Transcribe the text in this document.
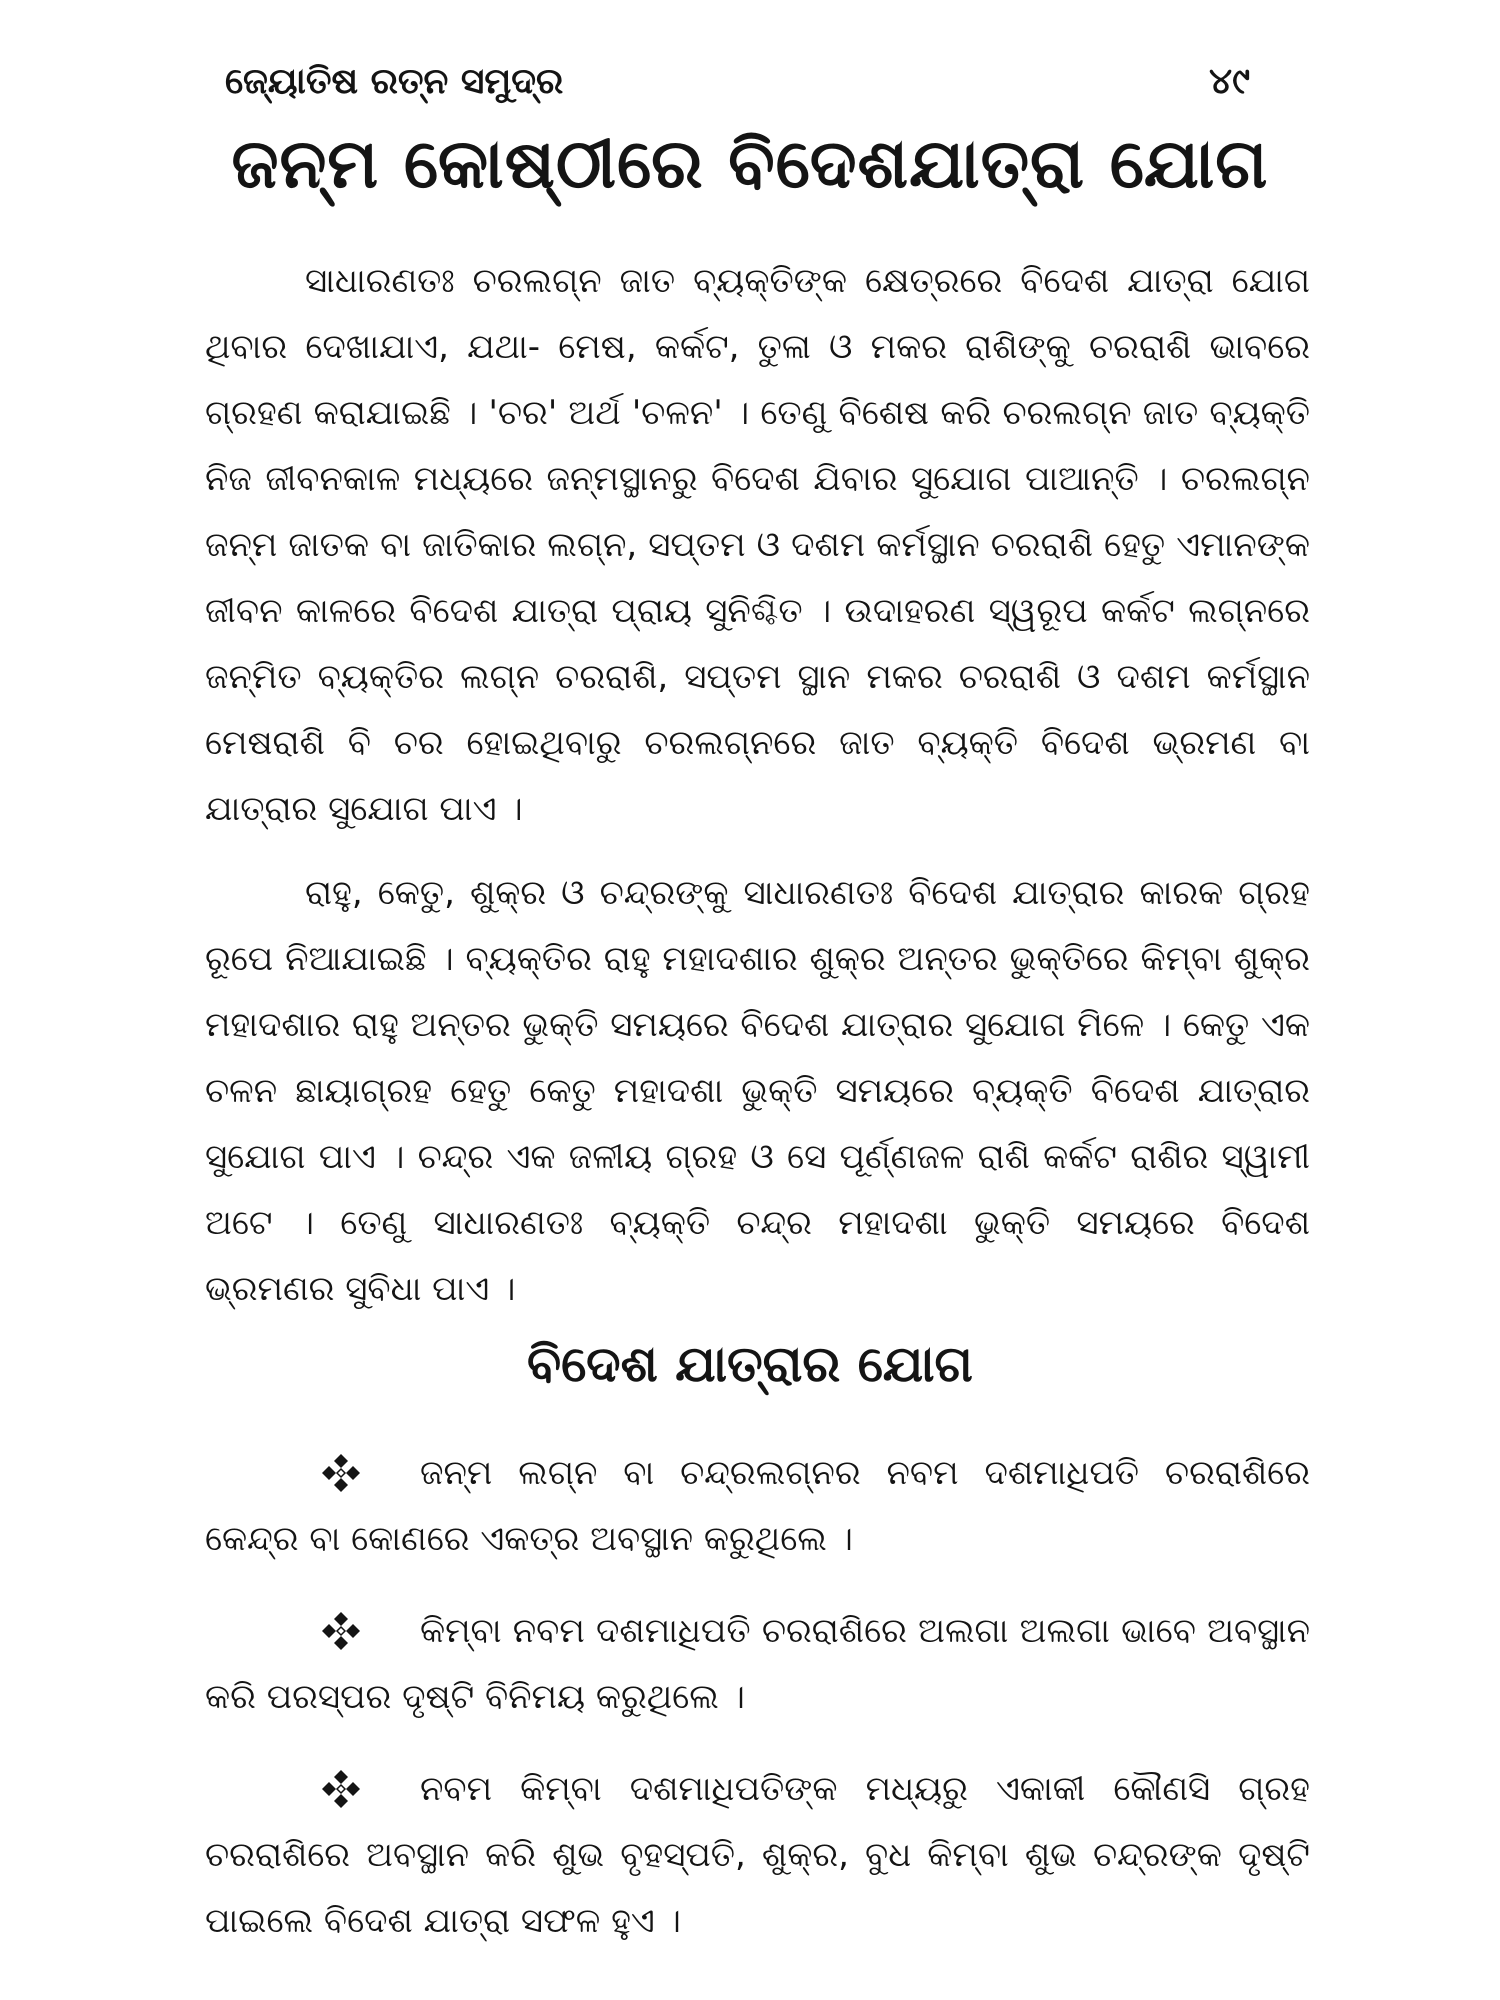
ଜ୍ୟୋତିଷ ରତ୍ନ ସମୁଦ୍ର	୪୯
ଜନ୍ମ କୋଷ୍ଠୀରେ ବିଦେଶଯାତ୍ରା ଯୋଗ

ସାଧାରଣତଃ ଚରଲଗ୍ନ ଜାତ ବ୍ୟକ୍ତିଙ୍କ କ୍ଷେତ୍ରରେ ବିଦେଶ ଯାତ୍ରା ଯୋଗ ଥିବାର ଦେଖାଯାଏ, ଯଥା- ମେଷ, କର୍କଟ, ତୁଳା ଓ ମକର ରାଶିଙ୍କୁ ଚରରାଶି ଭାବରେ ଗ୍ରହଣ କରାଯାଇଛି । 'ଚର' ଅର୍ଥ 'ଚଳନ' । ତେଣୁ ବିଶେଷ କରି ଚରଲଗ୍ନ ଜାତ ବ୍ୟକ୍ତି ନିଜ ଜୀବନକାଳ ମଧ୍ୟରେ ଜନ୍ମସ୍ଥାନରୁ ବିଦେଶ ଯିବାର ସୁଯୋଗ ପାଆନ୍ତି । ଚରଲଗ୍ନ ଜନ୍ମ ଜାତକ ବା ଜାତିକାର ଲଗ୍ନ, ସପ୍ତମ ଓ ଦଶମ କର୍ମସ୍ଥାନ ଚରରାଶି ହେତୁ ଏମାନଙ୍କ ଜୀବନ କାଳରେ ବିଦେଶ ଯାତ୍ରା ପ୍ରାୟ ସୁନିଶ୍ଚିତ । ଉଦାହରଣ ସ୍ୱରୂପ କର୍କଟ ଲଗ୍ନରେ ଜନ୍ମିତ ବ୍ୟକ୍ତିର ଲଗ୍ନ ଚରରାଶି, ସପ୍ତମ ସ୍ଥାନ ମକର ଚରରାଶି ଓ ଦଶମ କର୍ମସ୍ଥାନ ମେଷରାଶି ବି ଚର ହୋଇଥିବାରୁ ଚରଲଗ୍ନରେ ଜାତ ବ୍ୟକ୍ତି ବିଦେଶ ଭ୍ରମଣ ବା ଯାତ୍ରାର ସୁଯୋଗ ପାଏ ।

ରାହୁ, କେତୁ, ଶୁକ୍ର ଓ ଚନ୍ଦ୍ରଙ୍କୁ ସାଧାରଣତଃ ବିଦେଶ ଯାତ୍ରାର କାରକ ଗ୍ରହ ରୂପେ ନିଆଯାଇଛି । ବ୍ୟକ୍ତିର ରାହୁ ମହାଦଶାର ଶୁକ୍ର ଅନ୍ତର ଭୁକ୍ତିରେ କିମ୍ବା ଶୁକ୍ର ମହାଦଶାର ରାହୁ ଅନ୍ତର ଭୁକ୍ତି ସମୟରେ ବିଦେଶ ଯାତ୍ରାର ସୁଯୋଗ ମିଳେ । କେତୁ ଏକ ଚଳନ ଛାୟାଗ୍ରହ ହେତୁ କେତୁ ମହାଦଶା ଭୁକ୍ତି ସମୟରେ ବ୍ୟକ୍ତି ବିଦେଶ ଯାତ୍ରାର ସୁଯୋଗ ପାଏ । ଚନ୍ଦ୍ର ଏକ ଜଳୀୟ ଗ୍ରହ ଓ ସେ ପୂର୍ଣ୍ଣଜଳ ରାଶି କର୍କଟ ରାଶିର ସ୍ୱାମୀ ଅଟେ । ତେଣୁ ସାଧାରଣତଃ ବ୍ୟକ୍ତି ଚନ୍ଦ୍ର ମହାଦଶା ଭୁକ୍ତି ସମୟରେ ବିଦେଶ ଭ୍ରମଣର ସୁବିଧା ପାଏ ।

ବିଦେଶ ଯାତ୍ରାର ଯୋଗ
ଜନ୍ମ ଲଗ୍ନ ବା ଚନ୍ଦ୍ରଲଗ୍ନର ନବମ ଦଶମାଧିପତି ଚରରାଶିରେ କେନ୍ଦ୍ର ବା କୋଣରେ ଏକତ୍ର ଅବସ୍ଥାନ କରୁଥିଲେ ।
କିମ୍ବା ନବମ ଦଶମାଧିପତି ଚରରାଶିରେ ଅଲଗା ଅଲଗା ଭାବେ ଅବସ୍ଥାନ କରି ପରସ୍ପର ଦୃଷ୍ଟି ବିନିମୟ କରୁଥିଲେ ।
ନବମ କିମ୍ବା ଦଶମାଧିପତିଙ୍କ ମଧ୍ୟରୁ ଏକାକୀ କୌଣସି ଗ୍ରହ ଚରରାଶିରେ ଅବସ୍ଥାନ କରି ଶୁଭ ବୃହସ୍ପତି, ଶୁକ୍ର, ବୁଧ କିମ୍ବା ଶୁଭ ଚନ୍ଦ୍ରଙ୍କ ଦୃଷ୍ଟି ପାଇଲେ ବିଦେଶ ଯାତ୍ରା ସଫଳ ହୁଏ ।
